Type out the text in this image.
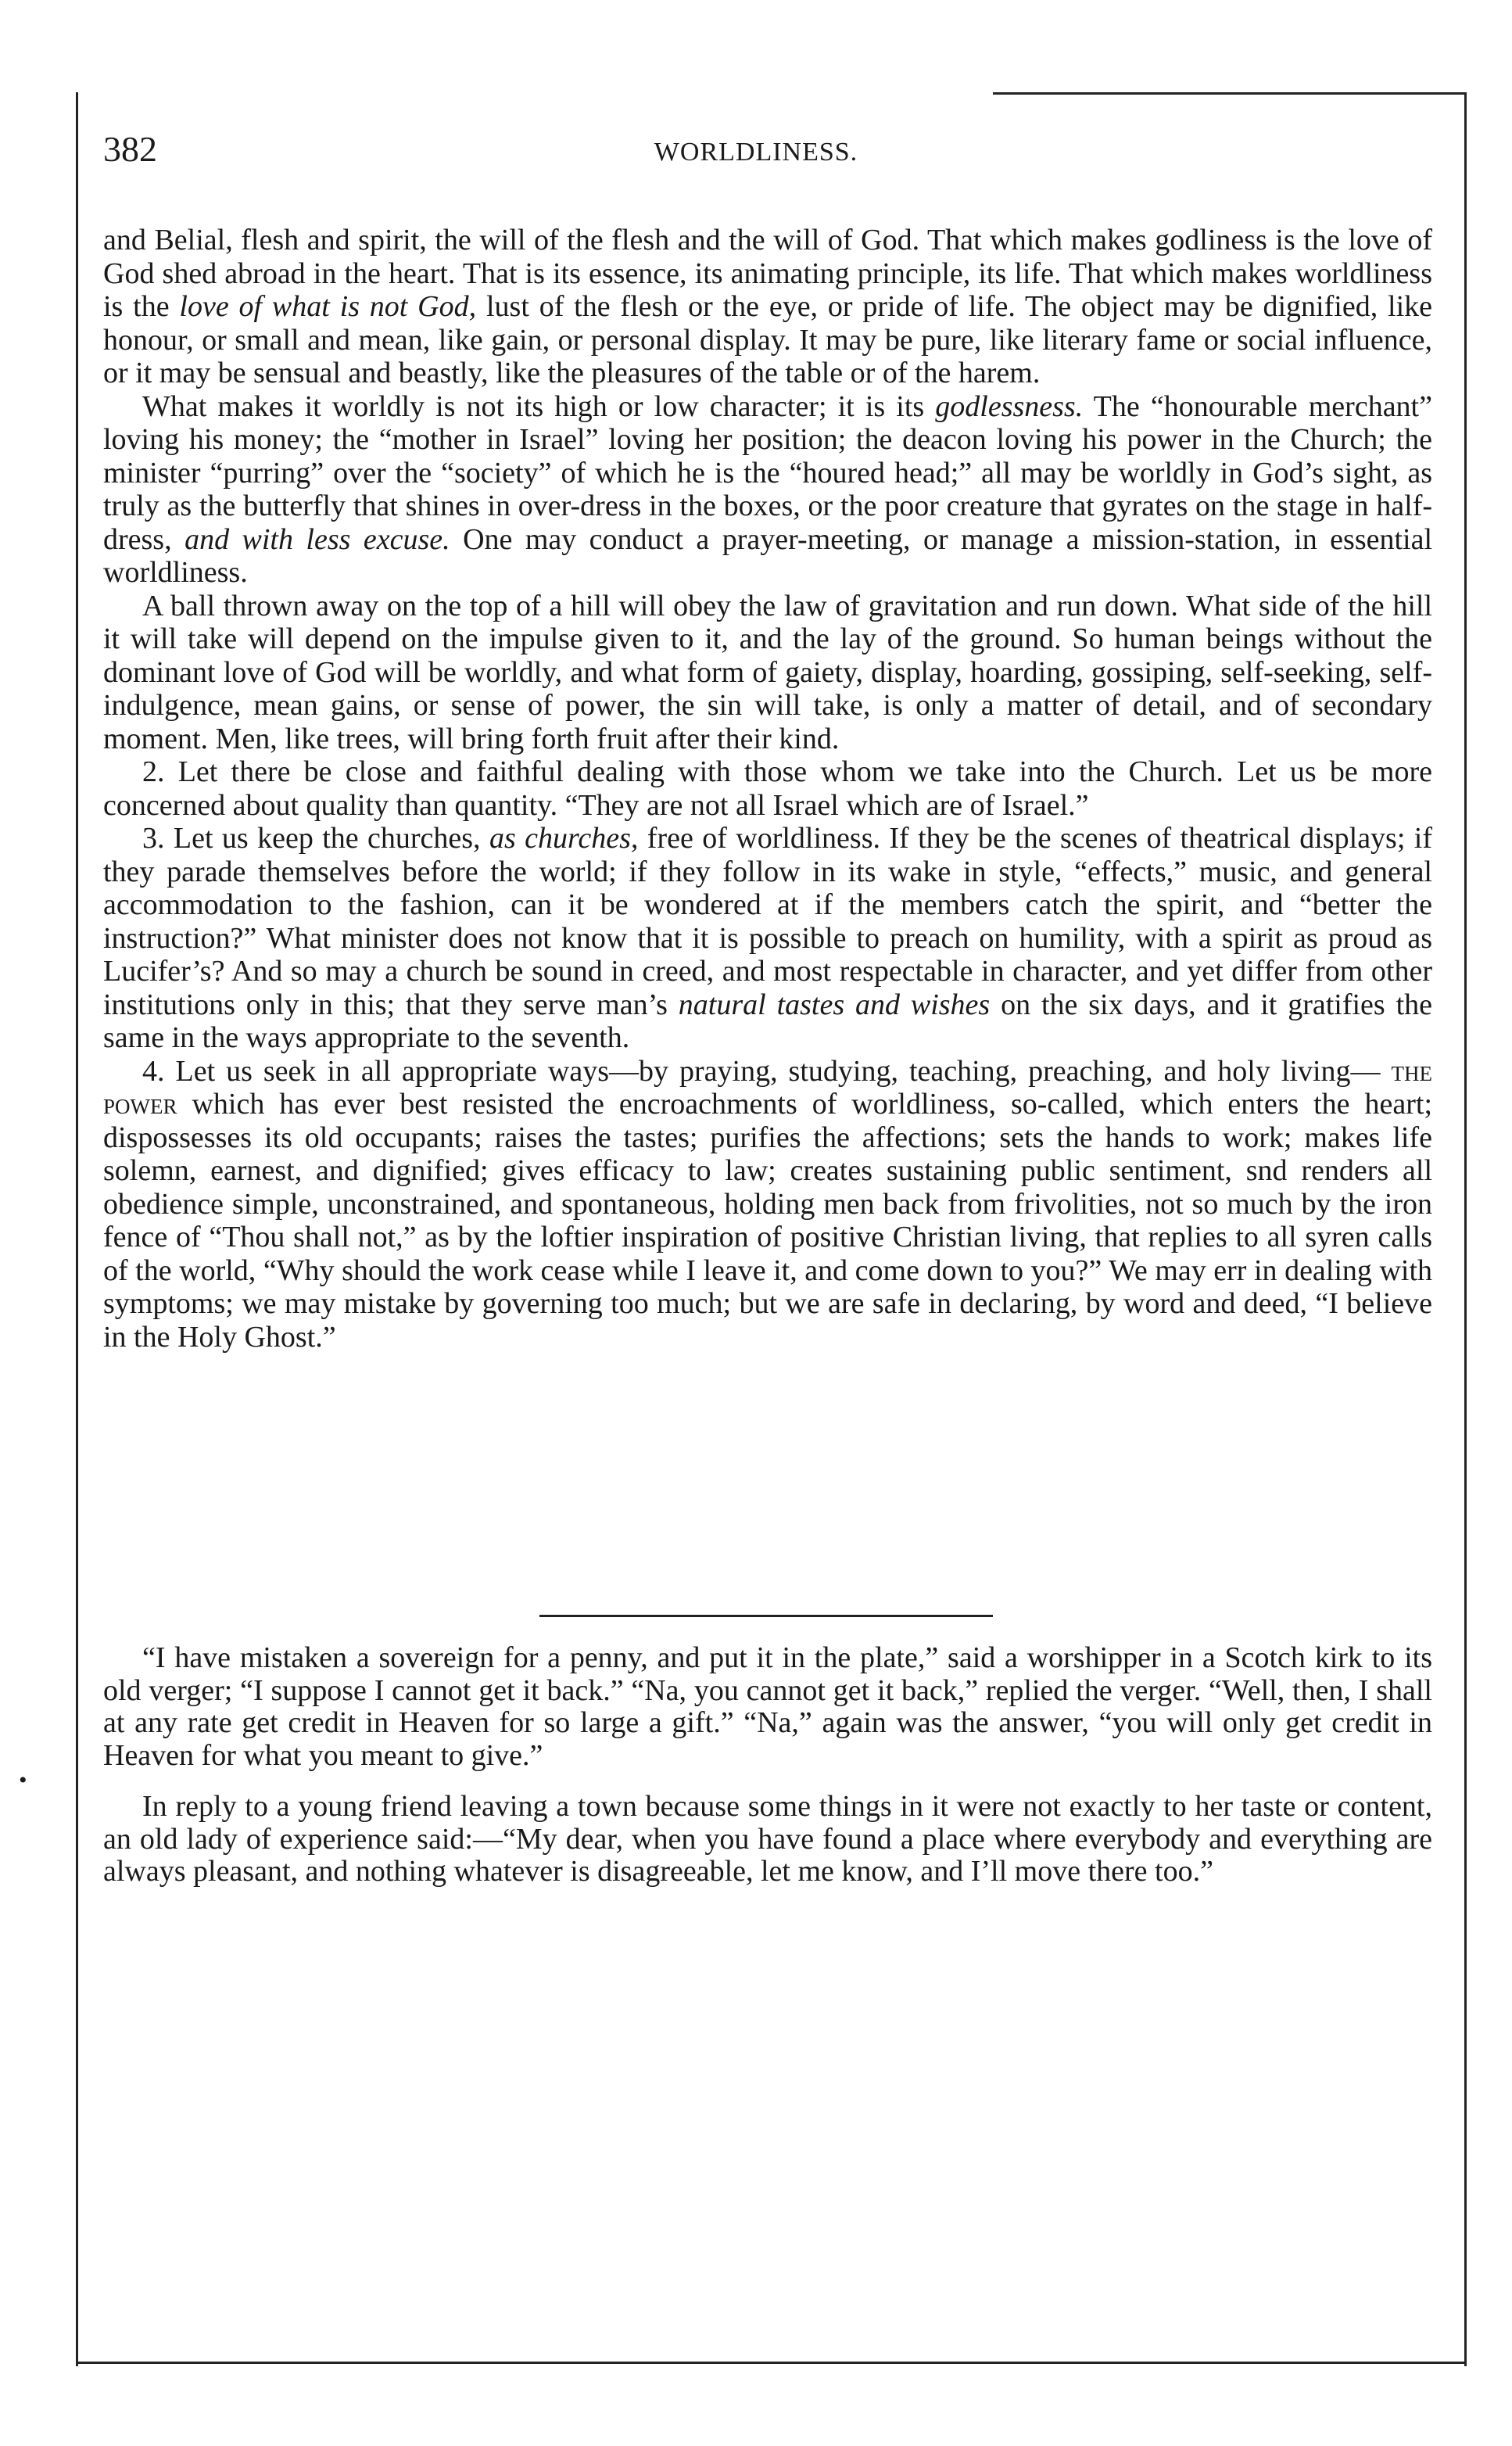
382	WORLDLINESS.

and Belial, flesh and spirit, the will of the flesh and the will of God. That which makes godliness is the love of God shed abroad in the heart. That is its essence, its animating principle, its life. That which makes worldliness is the love of what is not God, lust of the flesh or the eye, or pride of life. The object may be dignified, like honour, or small and mean, like gain, or personal display. It may be pure, like literary fame or social influence, or it may be sensual and beastly, like the pleasures of the table or of the harem.

What makes it worldly is not its high or low character; it is its godlessness. The “honourable merchant” loving his money; the “mother in Israel” loving her position; the deacon loving his power in the Church; the minister “purring” over the “society” of which he is the “houred head;” all may be worldly in God’s sight, as truly as the butterfly that shines in over-dress in the boxes, or the poor creature that gyrates on the stage in half-dress, and with less excuse. One may conduct a prayer-meeting, or manage a mission-station, in essential worldliness.

A ball thrown away on the top of a hill will obey the law of gravitation and run down. What side of the hill it will take will depend on the impulse given to it, and the lay of the ground. So human beings without the dominant love of God will be worldly, and what form of gaiety, display, hoarding, gossiping, self-seeking, self-indulgence, mean gains, or sense of power, the sin will take, is only a matter of detail, and of secondary moment. Men, like trees, will bring forth fruit after their kind.

2. Let there be close and faithful dealing with those whom we take into the Church. Let us be more concerned about quality than quantity. “They are not all Israel which are of Israel.”

3. Let us keep the churches, as churches, free of worldliness. If they be the scenes of theatrical displays; if they parade themselves before the world; if they follow in its wake in style, “effects,” music, and general accommodation to the fashion, can it be wondered at if the members catch the spirit, and “better the instruction?” What minister does not know that it is possible to preach on humility, with a spirit as proud as Lucifer’s? And so may a church be sound in creed, and most respectable in character, and yet differ from other institutions only in this; that they serve man’s natural tastes and wishes on the six days, and it gratifies the same in the ways appropriate to the seventh.

4. Let us seek in all appropriate ways—by praying, studying, teaching, preaching, and holy living— the power which has ever best resisted the encroachments of worldliness, so-called, which enters the heart; dispossesses its old occupants; raises the tastes; purifies the affections; sets the hands to work; makes life solemn, earnest, and dignified; gives efficacy to law; creates sustaining public sentiment, snd renders all obedience simple, unconstrained, and spontaneous, holding men back from frivolities, not so much by the iron fence of “Thou shall not,” as by the loftier inspiration of positive Christian living, that replies to all syren calls of the world, “Why should the work cease while I leave it, and come down to you?” We may err in dealing with symptoms; we may mistake by governing too much; but we are safe in declaring, by word and deed, “I believe in the Holy Ghost.”

•

“I have mistaken a sovereign for a penny, and put it in the plate,” said a worshipper in a Scotch kirk to its old verger; “I suppose I cannot get it back.” “Na, you cannot get it back,” replied the verger. “Well, then, I shall at any rate get credit in Heaven for so large a gift.” “Na,” again was the answer, “you will only get credit in Heaven for what you meant to give.”

In reply to a young friend leaving a town because some things in it were not exactly to her taste or content, an old lady of experience said:—“My dear, when you have found a place where everybody and everything are always pleasant, and nothing whatever is disagreeable, let me know, and I’ll move there too.”
